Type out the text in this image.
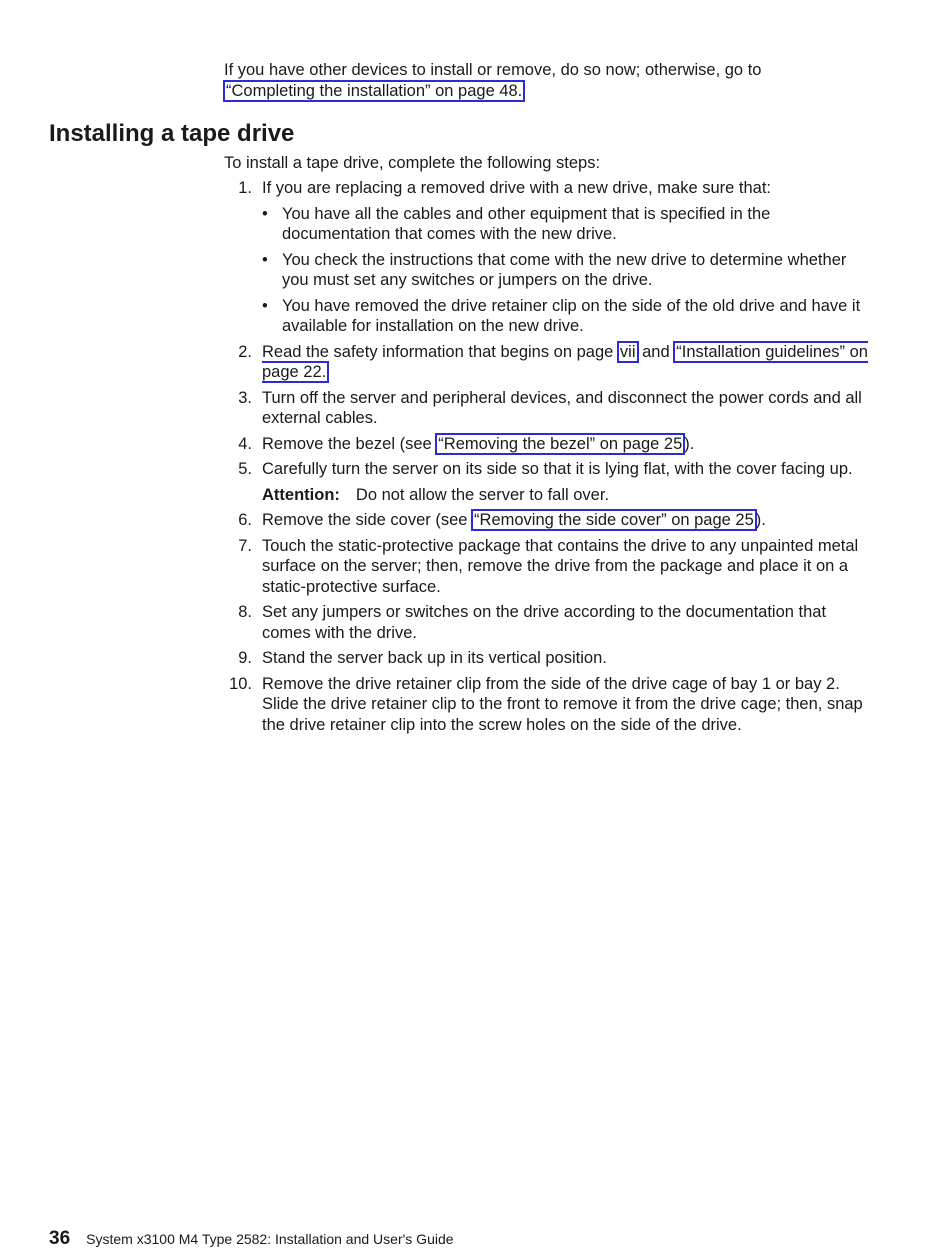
If you have other devices to install or remove, do so now; otherwise, go to
“Completing the installation” on page 48.

Installing a tape drive
To install a tape drive, complete the following steps:
1. If you are replacing a removed drive with a new drive, make sure that:
• You have all the cables and other equipment that is specified in the documentation that comes with the new drive.
• You check the instructions that come with the new drive to determine whether you must set any switches or jumpers on the drive.
• You have removed the drive retainer clip on the side of the old drive and have it available for installation on the new drive.
2. Read the safety information that begins on page vii and “Installation guidelines” on page 22.
3. Turn off the server and peripheral devices, and disconnect the power cords and all external cables.
4. Remove the bezel (see “Removing the bezel” on page 25 ).
5. Carefully turn the server on its side so that it is lying flat, with the cover facing up.
Attention: Do not allow the server to fall over.
6. Remove the side cover (see “Removing the side cover” on page 25 ).
7. Touch the static-protective package that contains the drive to any unpainted metal surface on the server; then, remove the drive from the package and place it on a static-protective surface.
8. Set any jumpers or switches on the drive according to the documentation that comes with the drive.
9. Stand the server back up in its vertical position.
10. Remove the drive retainer clip from the side of the drive cage of bay 1 or bay 2. Slide the drive retainer clip to the front to remove it from the drive cage; then, snap the drive retainer clip into the screw holes on the side of the drive.
36 System x3100 M4 Type 2582: Installation and User's Guide
